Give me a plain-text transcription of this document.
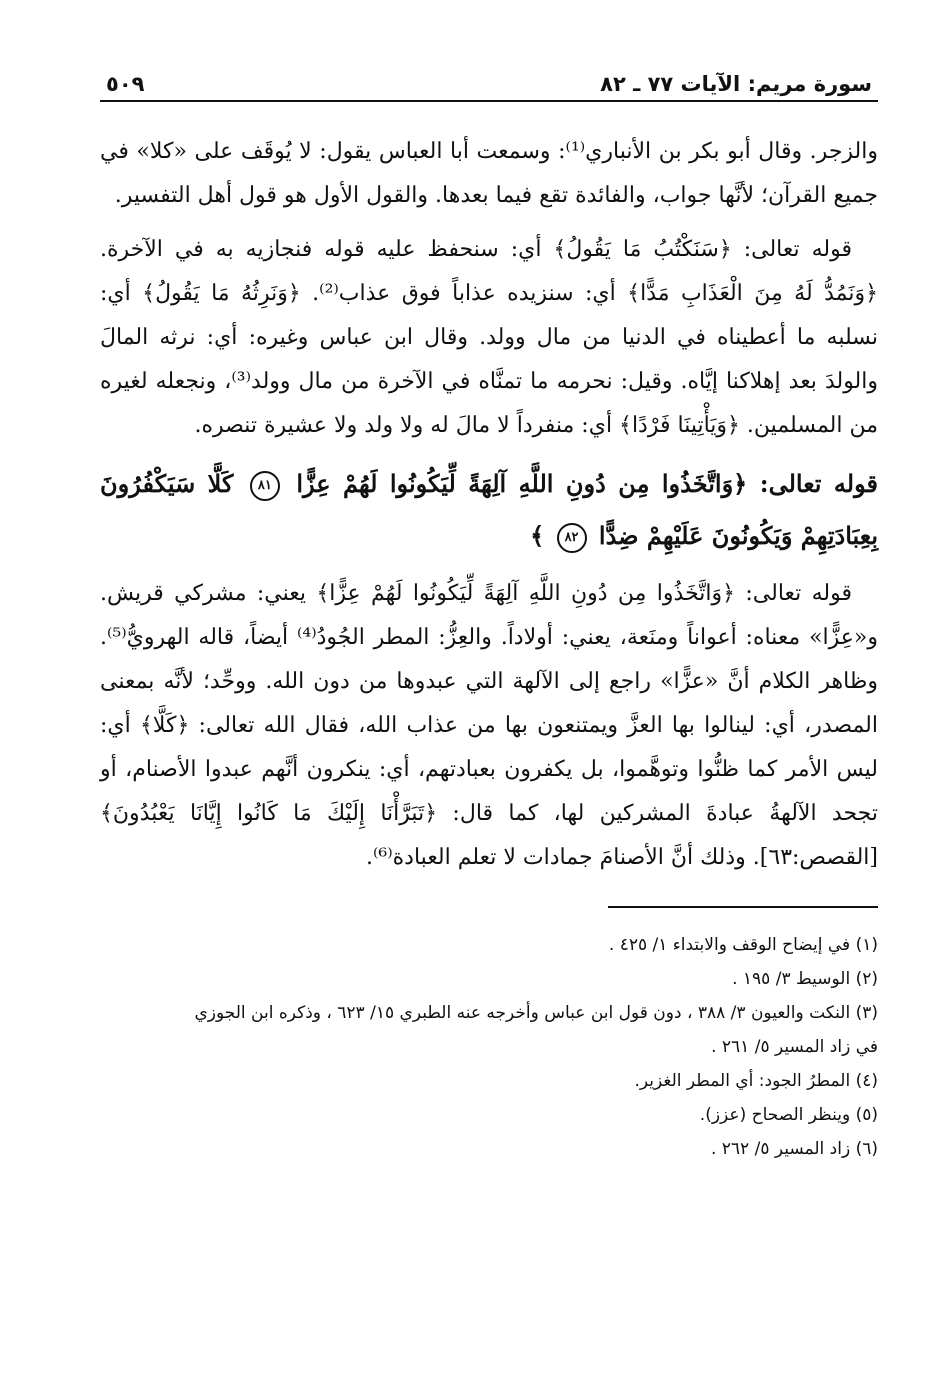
سورة مريم: الآيات ٧٧ ـ ٨٢
٥٠٩

والزجر. وقال أبو بكر بن الأنباري⁽¹⁾: وسمعت أبا العباس يقول: لا يُوقَف على «كلا» في جميع القرآن؛ لأنَّها جواب، والفائدة تقع فيما بعدها. والقول الأول هو قول أهل التفسير.

قوله تعالى: ﴿سَنَكْتُبُ مَا يَقُولُ﴾ أي: سنحفظ عليه قوله فنجازيه به في الآخرة. ﴿وَنَمُدُّ لَهُ مِنَ الْعَذَابِ مَدًّا﴾ أي: سنزيده عذاباً فوق عذاب⁽²⁾. ﴿وَنَرِثُهُ مَا يَقُولُ﴾ أي: نسلبه ما أعطيناه في الدنيا من مال وولد. وقال ابن عباس وغيره: أي: نرثه المالَ والولدَ بعد إهلاكنا إيَّاه. وقيل: نحرمه ما تمنَّاه في الآخرة من مال وولد⁽³⁾، ونجعله لغيره من المسلمين. ﴿وَيَأْتِينَا فَرْدًا﴾ أي: منفرداً لا مالَ له ولا ولد ولا عشيرة تنصره.

قوله تعالى: ﴿وَاتَّخَذُوا مِن دُونِ اللَّهِ آلِهَةً لِّيَكُونُوا لَهُمْ عِزًّا ٨١ كَلَّا سَيَكْفُرُونَ بِعِبَادَتِهِمْ وَيَكُونُونَ عَلَيْهِمْ ضِدًّا ٨٢ ﴾

قوله تعالى: ﴿وَاتَّخَذُوا مِن دُونِ اللَّهِ آلِهَةً لِّيَكُونُوا لَهُمْ عِزًّا﴾ يعني: مشركي قريش. و«عِزًّا» معناه: أعواناً ومنَعة، يعني: أولاداً. والعِزُّ: المطر الجُودُ⁽⁴⁾ أيضاً، قاله الهرويُّ⁽⁵⁾. وظاهر الكلام أنَّ «عزًّا» راجع إلى الآلهة التي عبدوها من دون الله. ووحِّد؛ لأنَّه بمعنى المصدر، أي: لينالوا بها العزَّ ويمتنعون بها من عذاب الله، فقال الله تعالى: ﴿كَلَّا﴾ أي: ليس الأمر كما ظنُّوا وتوهَّموا، بل يكفرون بعبادتهم، أي: ينكرون أنَّهم عبدوا الأصنام، أو تجحد الآلهةُ عبادةَ المشركين لها، كما قال: ﴿تَبَرَّأْنَا إِلَيْكَ مَا كَانُوا إِيَّانَا يَعْبُدُونَ﴾ [القصص:٦٣]. وذلك أنَّ الأصنامَ جمادات لا تعلم العبادة⁽⁶⁾.

(١) في إيضاح الوقف والابتداء ١/ ٤٢٥ .
(٢) الوسيط ٣/ ١٩٥ .
(٣) النكت والعيون ٣/ ٣٨٨ ، دون قول ابن عباس وأخرجه عنه الطبري ١٥/ ٦٢٣ ، وذكره ابن الجوزي
في زاد المسير ٥/ ٢٦١ .
(٤) المطرُ الجود: أي المطر الغزير.
(٥) وينظر الصحاح (عزز).
(٦) زاد المسير ٥/ ٢٦٢ .
